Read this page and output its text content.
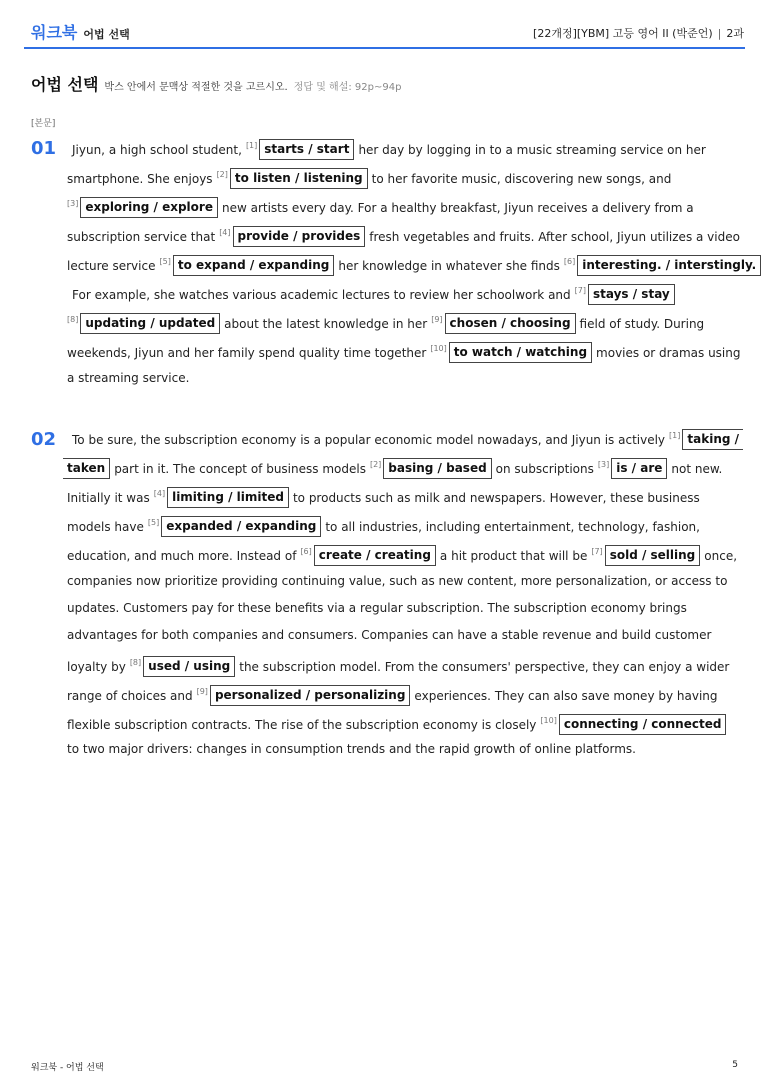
워크북 어법 선택	[22개정][YBM] 고등 영어 II (박준언) | 2과
어법 선택 박스 안에서 문맥상 적절한 것을 고르시오. 정답 및 해설: 92p~94p
[본문]
01 Jiyun, a high school student, [1] starts / start her day by logging in to a music streaming service on her
smartphone. She enjoys [2] to listen / listening to her favorite music, discovering new songs, and
[3] exploring / explore new artists every day. For a healthy breakfast, Jiyun receives a delivery from a
subscription service that [4] provide / provides fresh vegetables and fruits. After school, Jiyun utilizes a video
lecture service [5] to expand / expanding her knowledge in whatever she finds [6] interesting. / interstingly.
For example, she watches various academic lectures to review her schoolwork and [7] stays / stay
[8] updating / updated about the latest knowledge in her [9] chosen / choosing field of study. During
weekends, Jiyun and her family spend quality time together [10] to watch / watching movies or dramas using
a streaming service.
02 To be sure, the subscription economy is a popular economic model nowadays, and Jiyun is actively [1] taking /
taken part in it. The concept of business models [2] basing / based on subscriptions [3] is / are not new.
Initially it was [4] limiting / limited to products such as milk and newspapers. However, these business
models have [5] expanded / expanding to all industries, including entertainment, technology, fashion,
education, and much more. Instead of [6] create / creating a hit product that will be [7] sold / selling once,
companies now prioritize providing continuing value, such as new content, more personalization, or access to
updates. Customers pay for these benefits via a regular subscription. The subscription economy brings
advantages for both companies and consumers. Companies can have a stable revenue and build customer
loyalty by [8] used / using the subscription model. From the consumers' perspective, they can enjoy a wider
range of choices and [9] personalized / personalizing experiences. They can also save money by having
flexible subscription contracts. The rise of the subscription economy is closely [10] connecting / connected
to two major drivers: changes in consumption trends and the rapid growth of online platforms.
워크북 - 어법 선택	5
